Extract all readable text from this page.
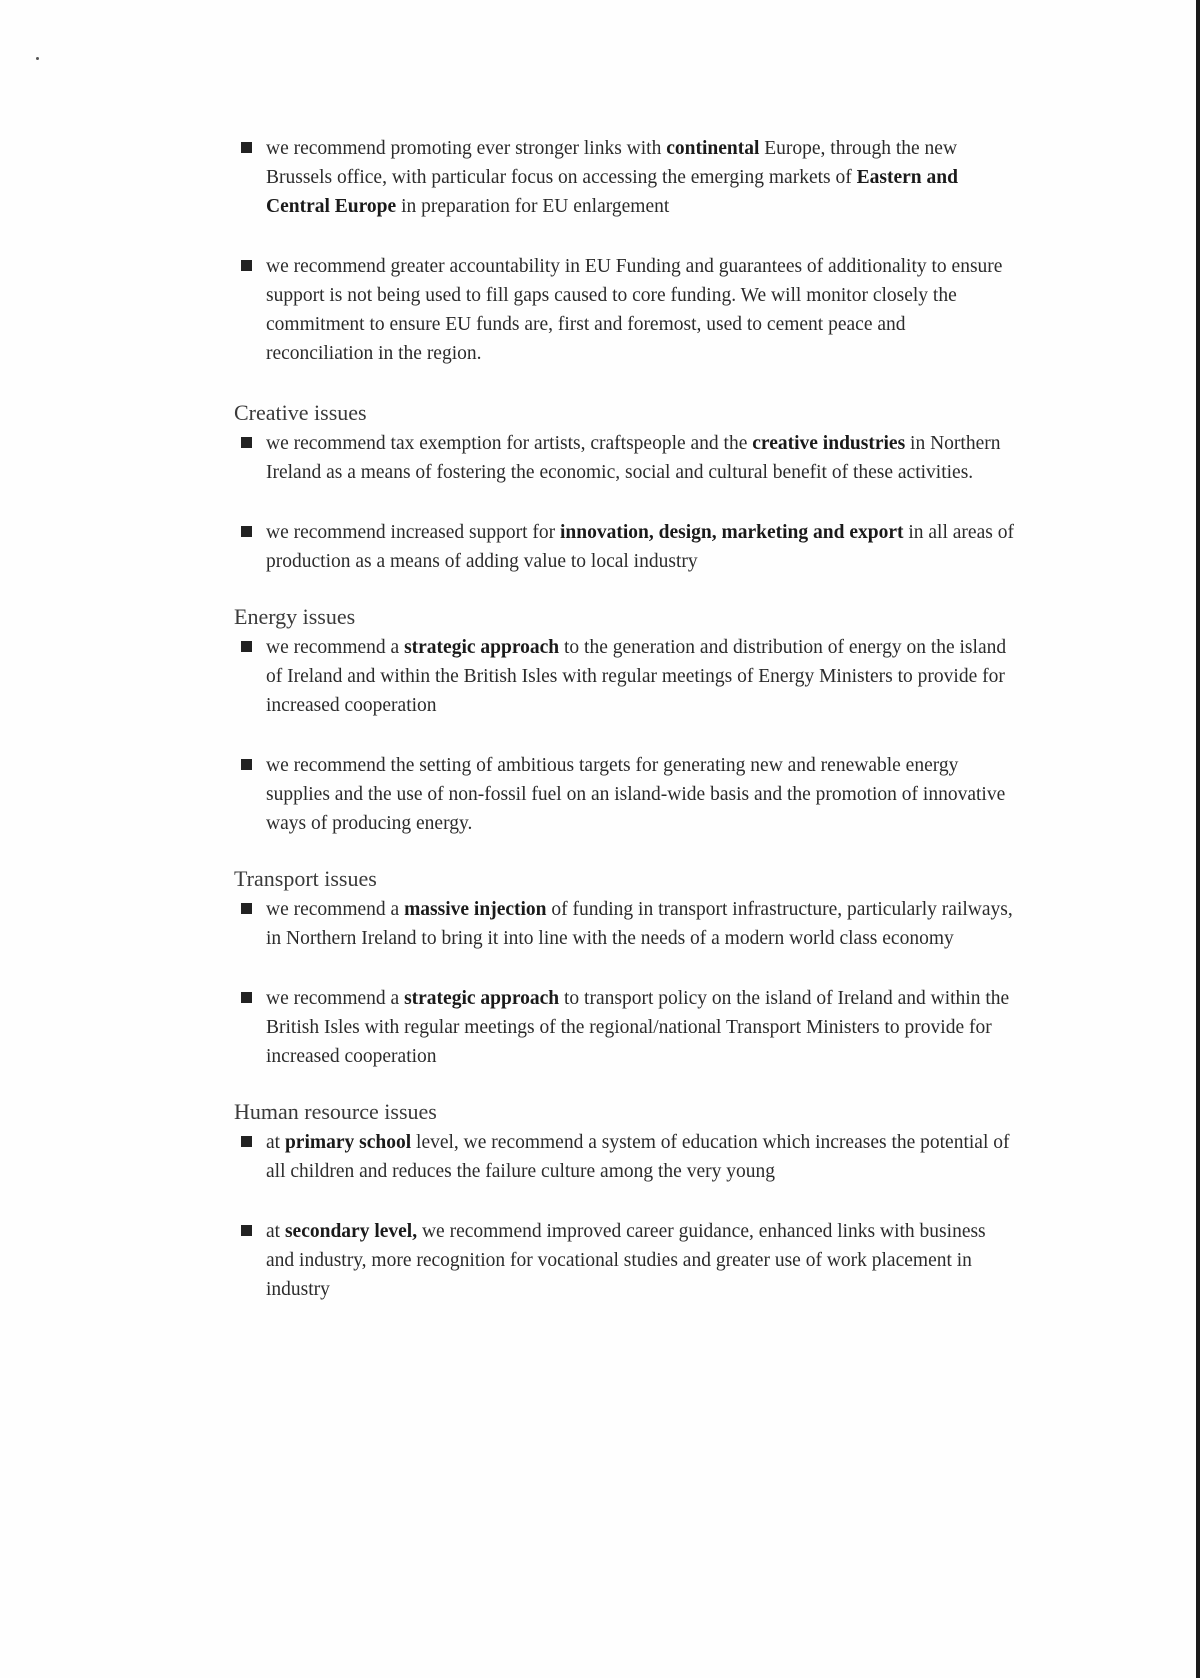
we recommend promoting ever stronger links with continental Europe, through the new Brussels office, with particular focus on accessing the emerging markets of Eastern and Central Europe in preparation for EU enlargement
we recommend greater accountability in EU Funding and guarantees of additionality to ensure support is not being used to fill gaps caused to core funding. We will monitor closely the commitment to ensure EU funds are, first and foremost, used to cement peace and reconciliation in the region.
Creative issues
we recommend tax exemption for artists, craftspeople and the creative industries in Northern Ireland as a means of fostering the economic, social and cultural benefit of these activities.
we recommend increased support for innovation, design, marketing and export in all areas of production as a means of adding value to local industry
Energy issues
we recommend a strategic approach to the generation and distribution of energy on the island of Ireland and within the British Isles with regular meetings of Energy Ministers to provide for increased cooperation
we recommend the setting of ambitious targets for generating new and renewable energy supplies and the use of non-fossil fuel on an island-wide basis and the promotion of innovative ways of producing energy.
Transport issues
we recommend a massive injection of funding in transport infrastructure, particularly railways, in Northern Ireland to bring it into line with the needs of a modern world class economy
we recommend a strategic approach to transport policy on the island of Ireland and within the British Isles with regular meetings of the regional/national Transport Ministers to provide for increased cooperation
Human resource issues
at primary school level, we recommend a system of education which increases the potential of all children and reduces the failure culture among the very young
at secondary level, we recommend improved career guidance, enhanced links with business and industry, more recognition for vocational studies and greater use of work placement in industry
